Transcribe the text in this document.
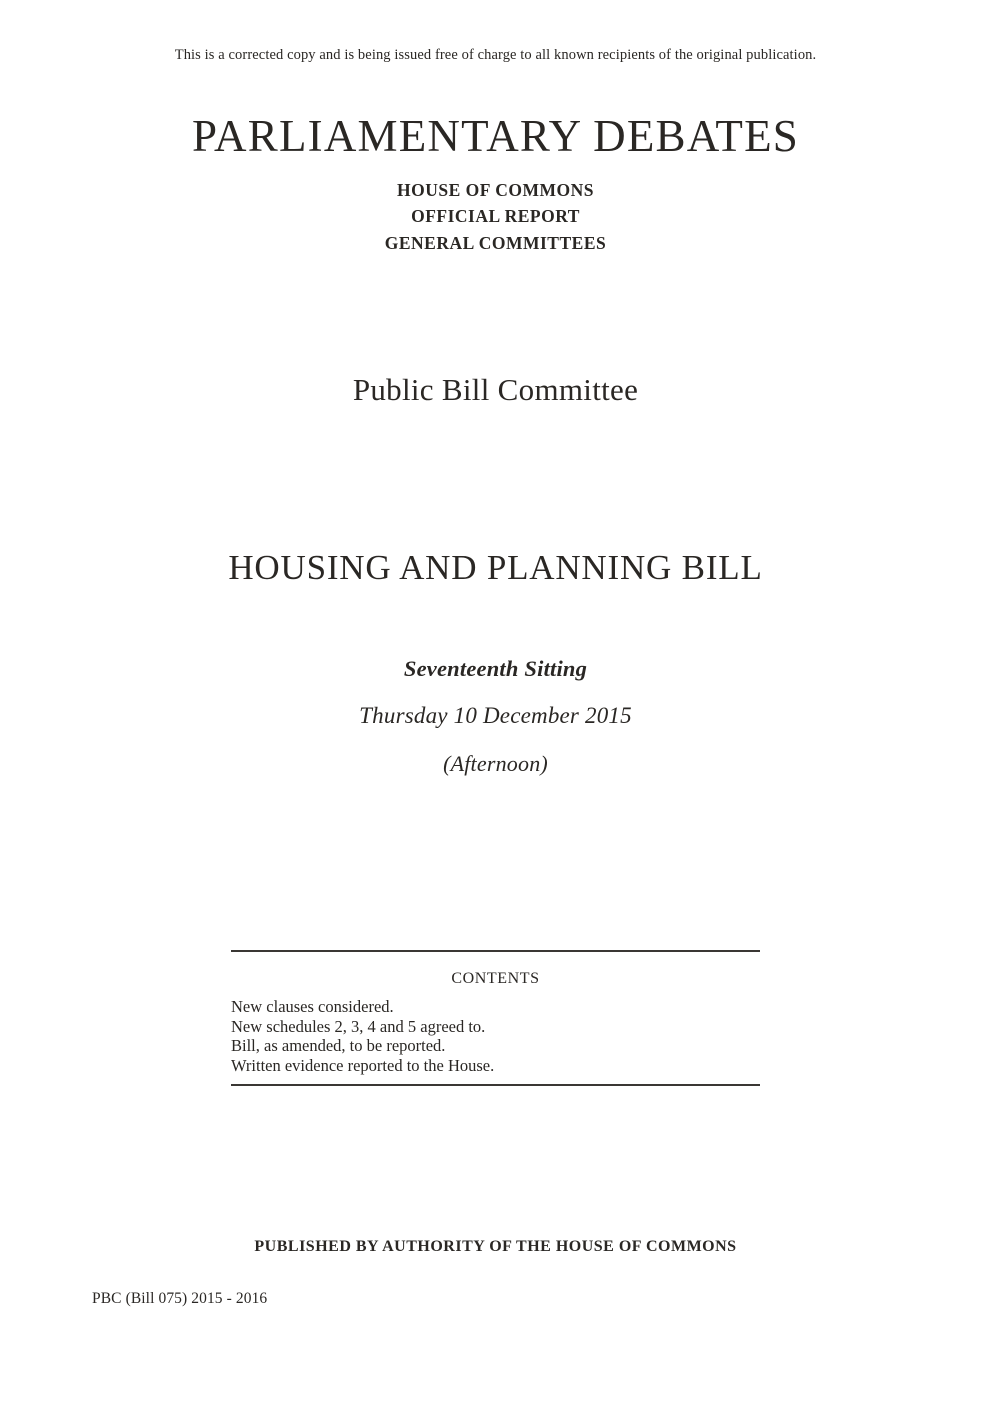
This is a corrected copy and is being issued free of charge to all known recipients of the original publication.
PARLIAMENTARY DEBATES
HOUSE OF COMMONS
OFFICIAL REPORT
GENERAL COMMITTEES
Public Bill Committee
HOUSING AND PLANNING BILL
Seventeenth Sitting
Thursday 10 December 2015
(Afternoon)
CONTENTS
New clauses considered.
New schedules 2, 3, 4 and 5 agreed to.
Bill, as amended, to be reported.
Written evidence reported to the House.
PUBLISHED BY AUTHORITY OF THE HOUSE OF COMMONS
PBC (Bill 075) 2015 - 2016
